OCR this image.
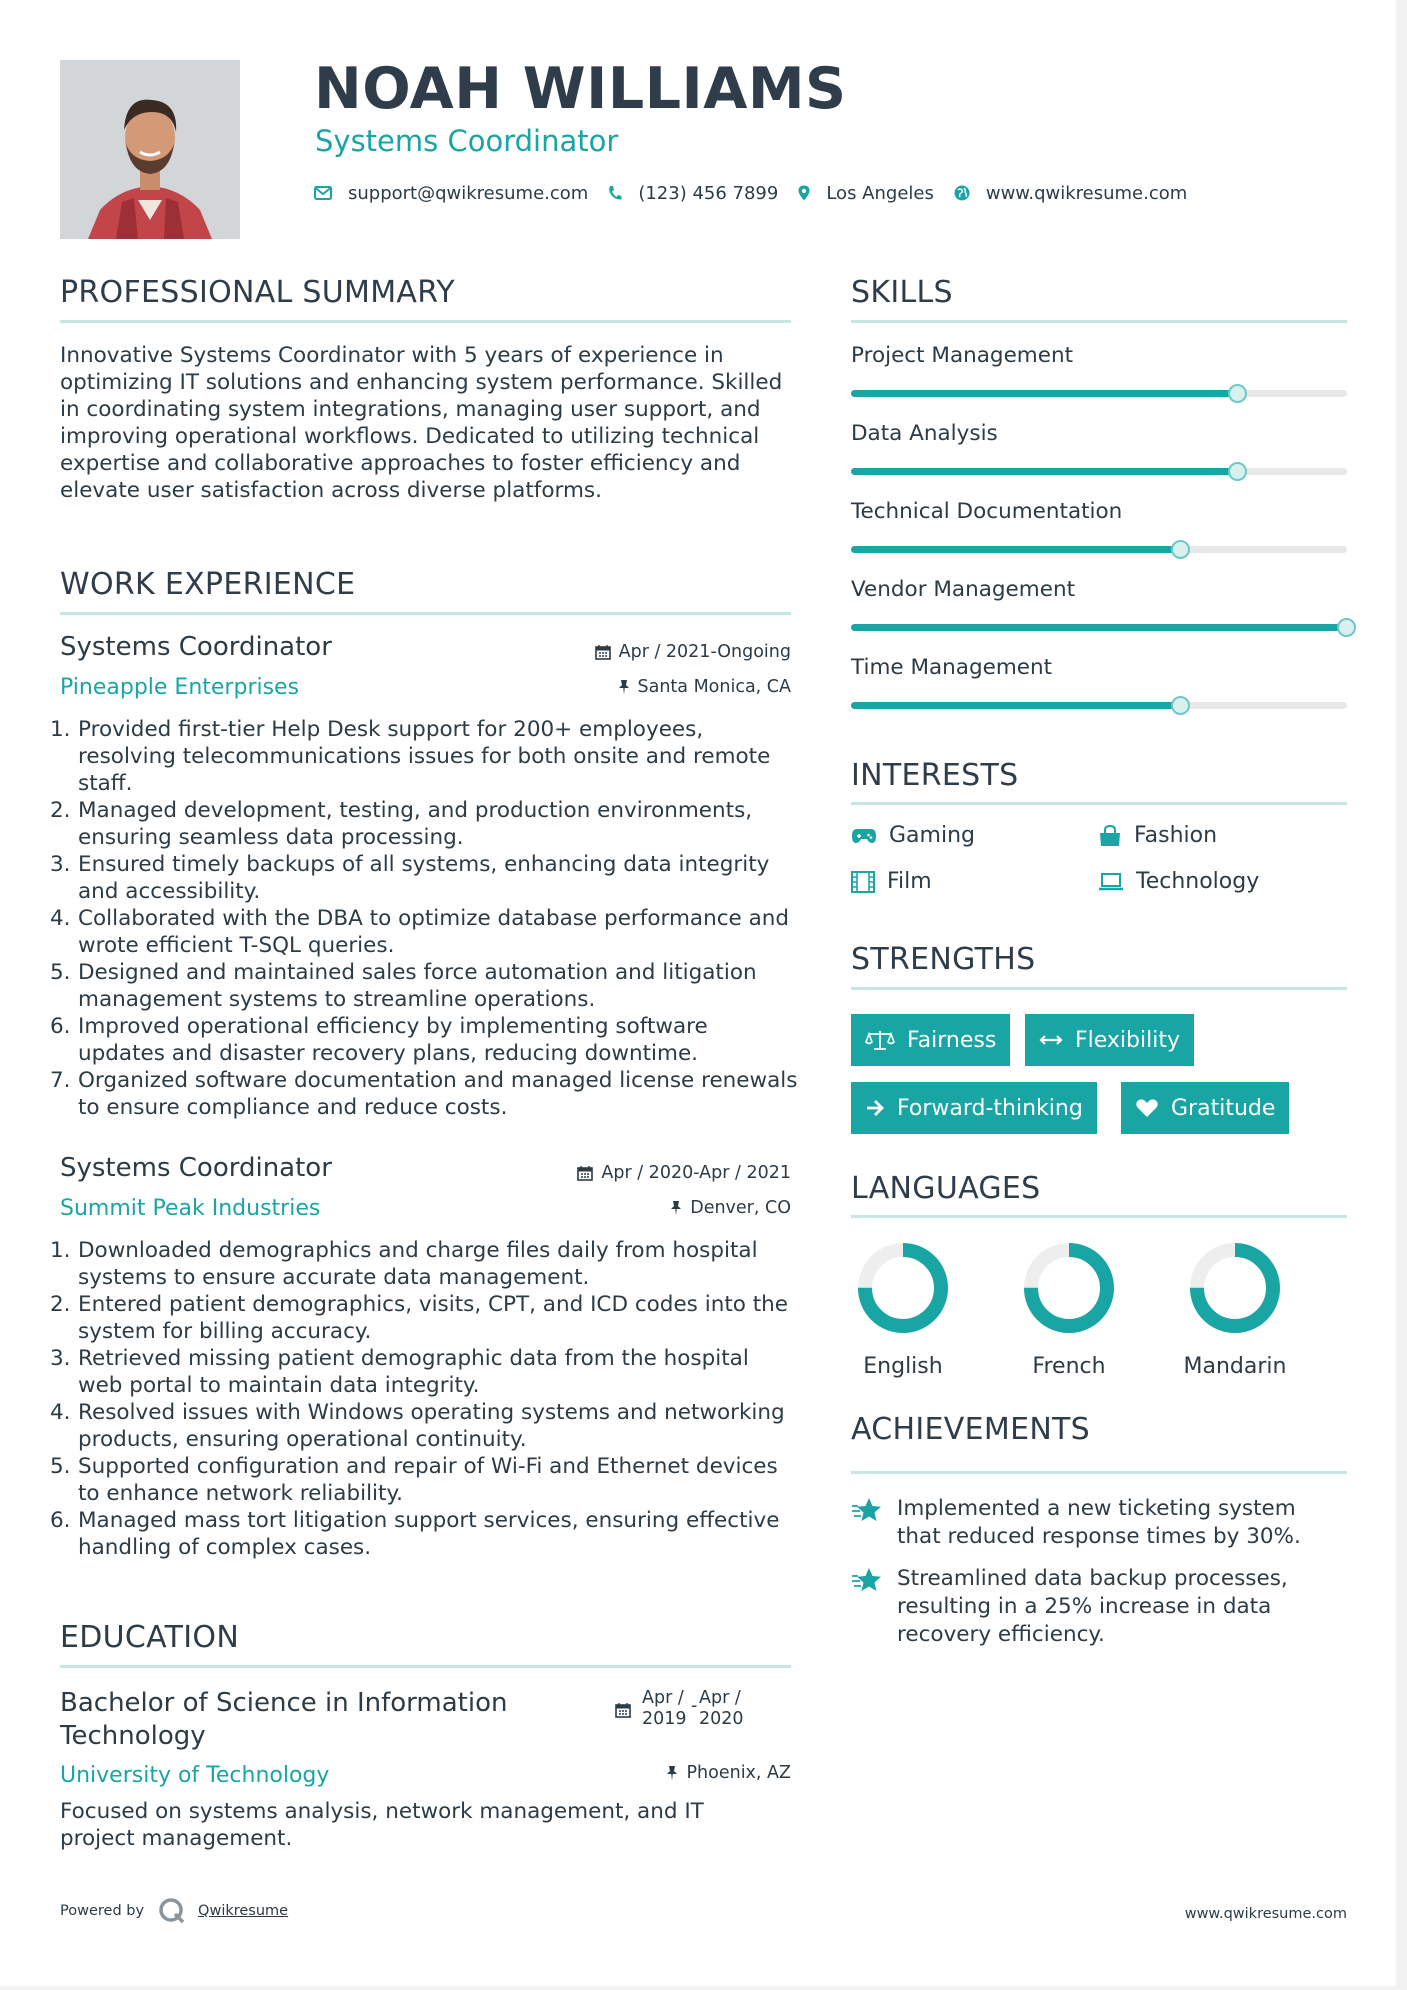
NOAH WILLIAMS
Systems Coordinator
support@qwikresume.com	(123) 456 7899	Los Angeles	www.qwikresume.com
PROFESSIONAL SUMMARY
Innovative Systems Coordinator with 5 years of experience in optimizing IT solutions and enhancing system performance. Skilled in coordinating system integrations, managing user support, and improving operational workflows. Dedicated to utilizing technical expertise and collaborative approaches to foster efficiency and elevate user satisfaction across diverse platforms.
WORK EXPERIENCE
Systems Coordinator	Apr / 2021-Ongoing
Pineapple Enterprises	Santa Monica, CA
1. Provided first-tier Help Desk support for 200+ employees, resolving telecommunications issues for both onsite and remote staff.
2. Managed development, testing, and production environments, ensuring seamless data processing.
3. Ensured timely backups of all systems, enhancing data integrity and accessibility.
4. Collaborated with the DBA to optimize database performance and wrote efficient T-SQL queries.
5. Designed and maintained sales force automation and litigation management systems to streamline operations.
6. Improved operational efficiency by implementing software updates and disaster recovery plans, reducing downtime.
7. Organized software documentation and managed license renewals to ensure compliance and reduce costs.
Systems Coordinator	Apr / 2020-Apr / 2021
Summit Peak Industries	Denver, CO
1. Downloaded demographics and charge files daily from hospital systems to ensure accurate data management.
2. Entered patient demographics, visits, CPT, and ICD codes into the system for billing accuracy.
3. Retrieved missing patient demographic data from the hospital web portal to maintain data integrity.
4. Resolved issues with Windows operating systems and networking products, ensuring operational continuity.
5. Supported configuration and repair of Wi-Fi and Ethernet devices to enhance network reliability.
6. Managed mass tort litigation support services, ensuring effective handling of complex cases.
EDUCATION
Bachelor of Science in Information
Technology
Apr /
2019
- Apr /
2020
University of Technology	Phoenix, AZ
Focused on systems analysis, network management, and IT project management.
SKILLS
Project Management
Data Analysis
Technical Documentation
Vendor Management
Time Management
INTERESTS
Gaming	Fashion
Film	Technology
STRENGTHS
Fairness	Flexibility
Forward-thinking	Gratitude
LANGUAGES
English	French	Mandarin
ACHIEVEMENTS
Implemented a new ticketing system that reduced response times by 30%.
Streamlined data backup processes, resulting in a 25% increase in data recovery efficiency.
Powered by	Qwikresume	www.qwikresume.com
